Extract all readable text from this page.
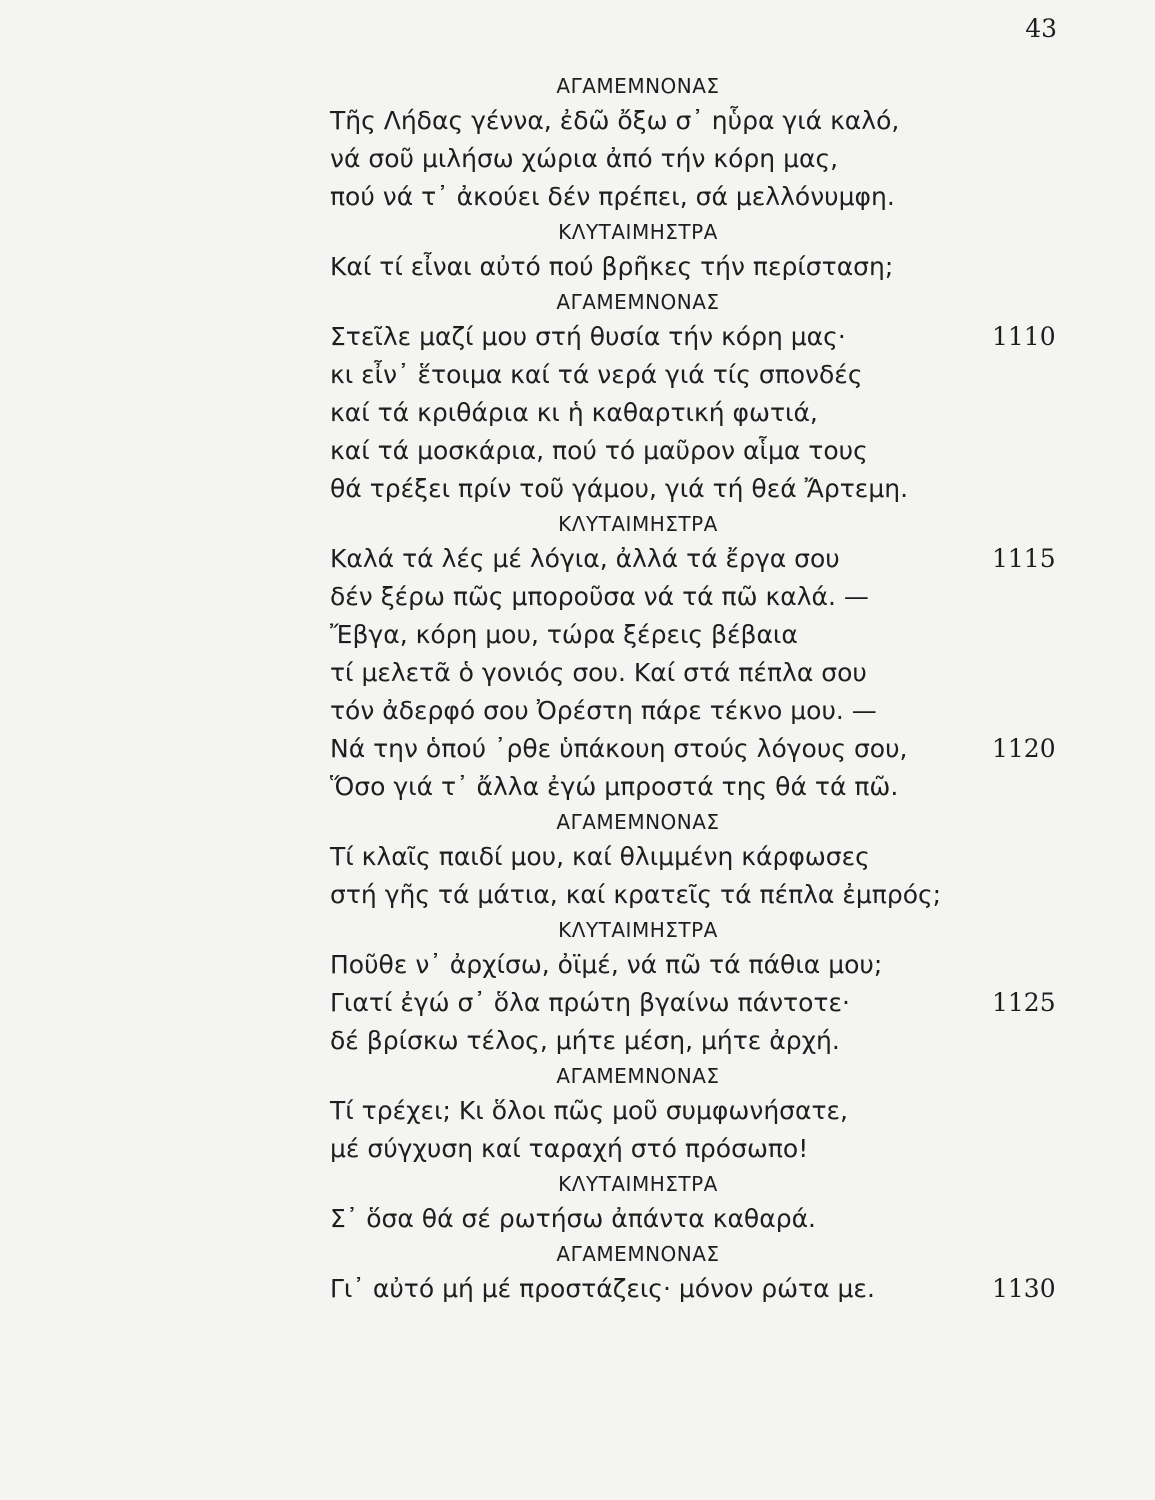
43
ΑΓΑΜΕΜΝΟΝΑΣ
Τῆς Λήδας γέννα, ἐδῶ ὄξω σ᾽ ηὗρα γιά καλό,
νά σοῦ μιλήσω χώρια ἀπό τήν κόρη μας,
πού νά τ᾽ ἀκούει δέν πρέπει, σά μελλόνυμφη.
ΚΛΥΤΑΙΜΗΣΤΡΑ
Καί τί εἶναι αὐτό πού βρῆκες τήν περίσταση;
ΑΓΑΜΕΜΝΟΝΑΣ
Στεῖλε μαζί μου στή θυσία τήν κόρη μας·	1110
κι εἶν᾽ ἕτοιμα καί τά νερά γιά τίς σπονδές
καί τά κριθάρια κι ἡ καθαρτική φωτιά,
καί τά μοσκάρια, πού τό μαῦρον αἷμα τους
θά τρέξει πρίν τοῦ γάμου, γιά τή θεά Ἄρτεμη.
ΚΛΥΤΑΙΜΗΣΤΡΑ
Καλά τά λές μέ λόγια, ἀλλά τά ἔργα σου	1115
δέν ξέρω πῶς μποροῦσα νά τά πῶ καλά. —
Ἔβγα, κόρη μου, τώρα ξέρεις βέβαια
τί μελετᾶ ὁ γονιός σου. Καί στά πέπλα σου
τόν ἀδερφό σου Ὀρέστη πάρε τέκνο μου. —
Νά την ὁπού ᾽ρθε ὑπάκουη στούς λόγους σου,	1120
Ὅσο γιά τ᾽ ἄλλα ἐγώ μπροστά της θά τά πῶ.
ΑΓΑΜΕΜΝΟΝΑΣ
Τί κλαῖς παιδί μου, καί θλιμμένη κάρφωσες
στή γῆς τά μάτια, καί κρατεῖς τά πέπλα ἐμπρός;
ΚΛΥΤΑΙΜΗΣΤΡΑ
Ποῦθε ν᾽ ἀρχίσω, ὀϊμέ, νά πῶ τά πάθια μου;
Γιατί ἐγώ σ᾽ ὅλα πρώτη βγαίνω πάντοτε·	1125
δέ βρίσκω τέλος, μήτε μέση, μήτε ἀρχή.
ΑΓΑΜΕΜΝΟΝΑΣ
Τί τρέχει; Κι ὅλοι πῶς μοῦ συμφωνήσατε,
μέ σύγχυση καί ταραχή στό πρόσωπο!
ΚΛΥΤΑΙΜΗΣΤΡΑ
Σ᾽ ὅσα θά σέ ρωτήσω ἀπάντα καθαρά.
ΑΓΑΜΕΜΝΟΝΑΣ
Γι᾽ αὐτό μή μέ προστάζεις· μόνον ρώτα με.	1130
